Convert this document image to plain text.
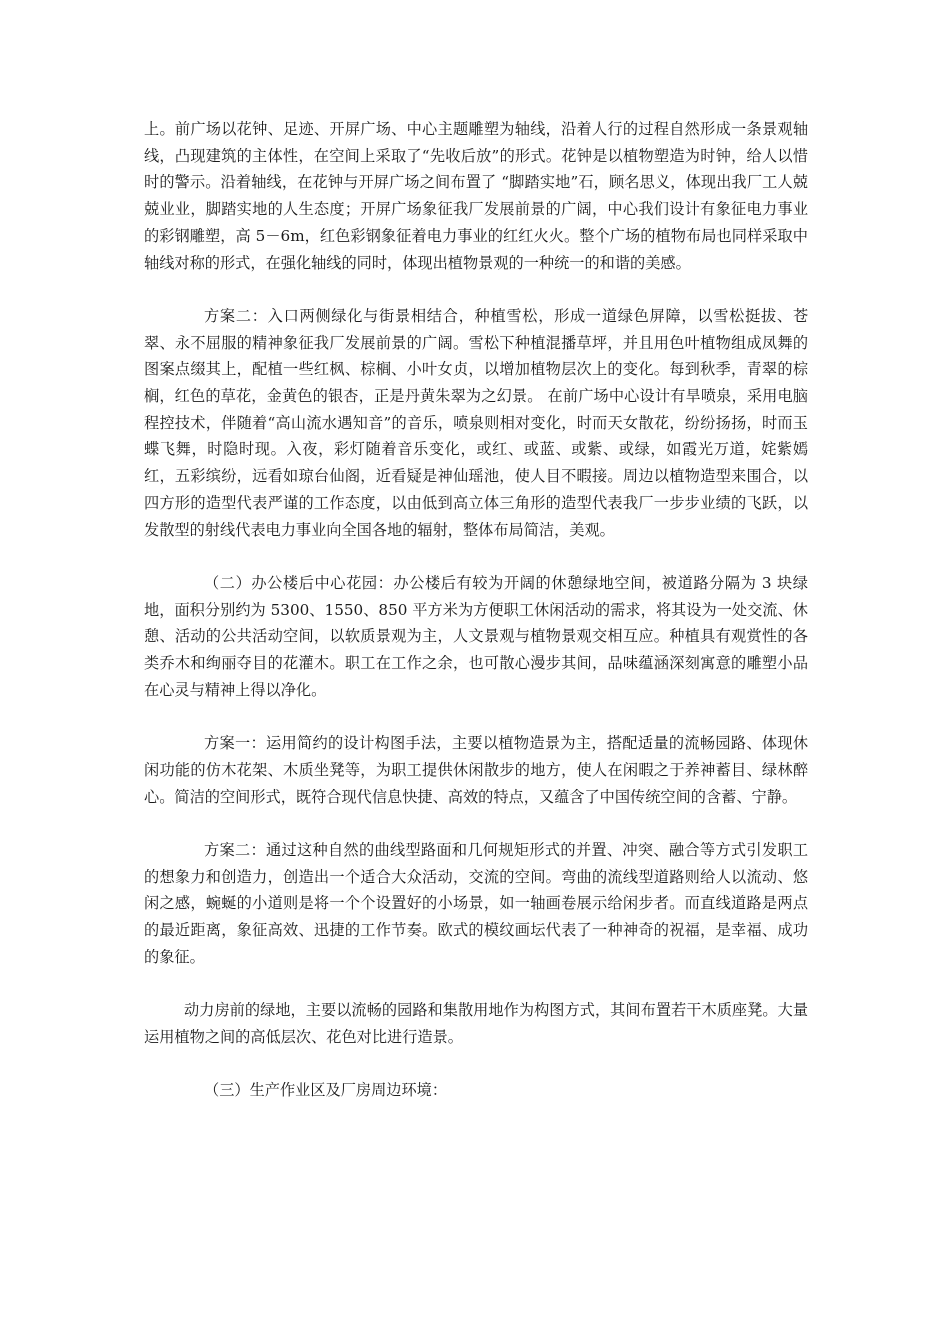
上。前广场以花钟、足迹、开屏广场、中心主题雕塑为轴线，沿着人行的过程自然形成一条景观轴线，凸现建筑的主体性，在空间上采取了“先收后放”的形式。花钟是以植物塑造为时钟，给人以惜时的警示。沿着轴线，在花钟与开屏广场之间布置了 “脚踏实地”石，顾名思义，体现出我厂工人兢兢业业，脚踏实地的人生态度；开屏广场象征我厂发展前景的广阔，中心我们设计有象征电力事业的彩钢雕塑，高 5－6m，红色彩钢象征着电力事业的红红火火。整个广场的植物布局也同样采取中轴线对称的形式，在强化轴线的同时，体现出植物景观的一种统一的和谐的美感。

方案二：入口两侧绿化与街景相结合，种植雪松，形成一道绿色屏障，以雪松挺拔、苍翠、永不屈服的精神象征我厂发展前景的广阔。雪松下种植混播草坪，并且用色叶植物组成凤舞的图案点缀其上，配植一些红枫、棕榈、小叶女贞，以增加植物层次上的变化。每到秋季，青翠的棕榈，红色的草花，金黄色的银杏，正是丹黄朱翠为之幻景。 在前广场中心设计有旱喷泉，采用电脑程控技术，伴随着“高山流水遇知音”的音乐，喷泉则相对变化，时而天女散花，纷纷扬扬，时而玉蝶飞舞，时隐时现。入夜，彩灯随着音乐变化，或红、或蓝、或紫、或绿，如霞光万道，姹紫嫣红，五彩缤纷，远看如琼台仙阁，近看疑是神仙瑶池，使人目不暇接。周边以植物造型来围合，以四方形的造型代表严谨的工作态度，以由低到高立体三角形的造型代表我厂一步步业绩的飞跃，以发散型的射线代表电力事业向全国各地的辐射，整体布局简洁，美观。

（二）办公楼后中心花园：办公楼后有较为开阔的休憩绿地空间，被道路分隔为 3 块绿地，面积分别约为 5300、1550、850 平方米为方便职工休闲活动的需求，将其设为一处交流、休憩、活动的公共活动空间，以软质景观为主，人文景观与植物景观交相互应。种植具有观赏性的各类乔木和绚丽夺目的花灌木。职工在工作之余，也可散心漫步其间，品味蕴涵深刻寓意的雕塑小品在心灵与精神上得以净化。

方案一：运用简约的设计构图手法，主要以植物造景为主，搭配适量的流畅园路、体现休闲功能的仿木花架、木质坐凳等，为职工提供休闲散步的地方，使人在闲暇之于养神蓄目、绿林醉心。简洁的空间形式，既符合现代信息快捷、高效的特点，又蕴含了中国传统空间的含蓄、宁静。

方案二：通过这种自然的曲线型路面和几何规矩形式的并置、冲突、融合等方式引发职工的想象力和创造力，创造出一个适合大众活动，交流的空间。弯曲的流线型道路则给人以流动、悠闲之感，蜿蜒的小道则是将一个个设置好的小场景，如一轴画卷展示给闲步者。而直线道路是两点的最近距离，象征高效、迅捷的工作节奏。欧式的模纹画坛代表了一种神奇的祝福，是幸福、成功的象征。

动力房前的绿地，主要以流畅的园路和集散用地作为构图方式，其间布置若干木质座凳。大量运用植物之间的高低层次、花色对比进行造景。

（三）生产作业区及厂房周边环境：
